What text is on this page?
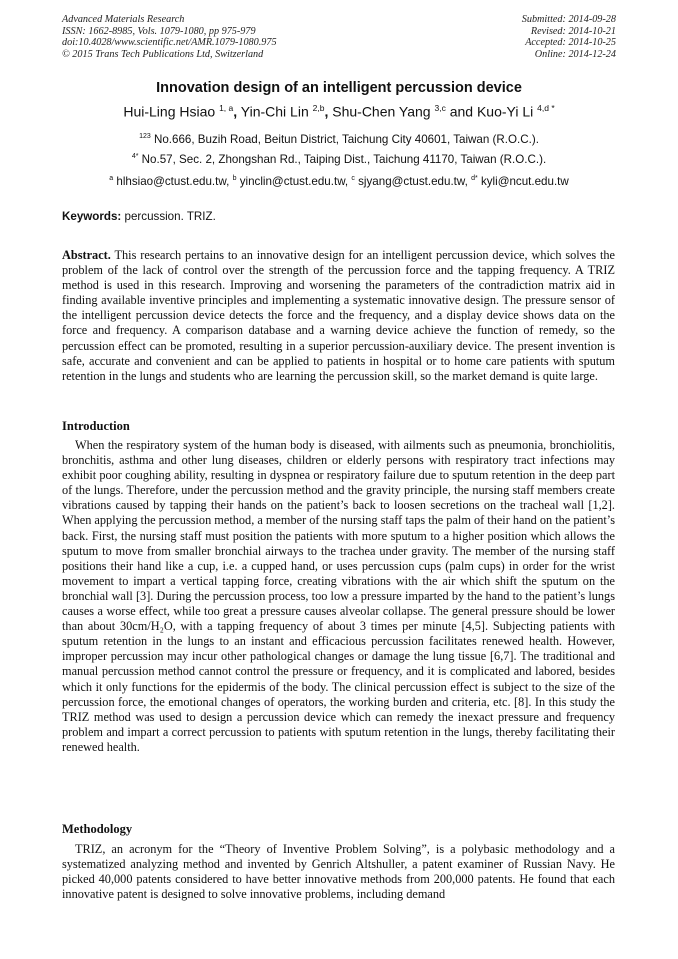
Advanced Materials Research
ISSN: 1662-8985, Vols. 1079-1080, pp 975-979
doi:10.4028/www.scientific.net/AMR.1079-1080.975
© 2015 Trans Tech Publications Ltd, Switzerland
Submitted: 2014-09-28
Revised: 2014-10-21
Accepted: 2014-10-25
Online: 2014-12-24
Innovation design of an intelligent percussion device
Hui-Ling Hsiao $^{1, a}$, Yin-Chi Lin $^{2,b}$, Shu-Chen Yang $^{3,c}$ and Kuo-Yi Li $^{4,d *}$
$^{123}$ No.666, Buzih Road, Beitun District, Taichung City 40601, Taiwan (R.O.C.).
$^{4*}$ No.57, Sec. 2, Zhongshan Rd., Taiping Dist., Taichung 41170, Taiwan (R.O.C.).
$^a$ hlhsiao@ctust.edu.tw, $^b$ yinclin@ctust.edu.tw, $^c$ sjyang@ctust.edu.tw, $^{d*}$ kyli@ncut.edu.tw
Keywords: percussion. TRIZ.
Abstract. This research pertains to an innovative design for an intelligent percussion device, which solves the problem of the lack of control over the strength of the percussion force and the tapping frequency. A TRIZ method is used in this research. Improving and worsening the parameters of the contradiction matrix aid in finding available inventive principles and implementing a systematic innovative design. The pressure sensor of the intelligent percussion device detects the force and the frequency, and a display device shows data on the force and frequency. A comparison database and a warning device achieve the function of remedy, so the percussion effect can be promoted, resulting in a superior percussion-auxiliary device. The present invention is safe, accurate and convenient and can be applied to patients in hospital or to home care patients with sputum retention in the lungs and students who are learning the percussion skill, so the market demand is quite large.
Introduction
When the respiratory system of the human body is diseased, with ailments such as pneumonia, bronchiolitis, bronchitis, asthma and other lung diseases, children or elderly persons with respiratory tract infections may exhibit poor coughing ability, resulting in dyspnea or respiratory failure due to sputum retention in the deep part of the lungs. Therefore, under the percussion method and the gravity principle, the nursing staff members create vibrations caused by tapping their hands on the patient’s back to loosen secretions on the tracheal wall [1,2]. When applying the percussion method, a member of the nursing staff taps the palm of their hand on the patient’s back. First, the nursing staff must position the patients with more sputum to a higher position which allows the sputum to move from smaller bronchial airways to the trachea under gravity. The member of the nursing staff positions their hand like a cup, i.e. a cupped hand, or uses percussion cups (palm cups) in order for the wrist movement to impart a vertical tapping force, creating vibrations with the air which shift the sputum on the bronchial wall [3]. During the percussion process, too low a pressure imparted by the hand to the patient’s lungs causes a worse effect, while too great a pressure causes alveolar collapse. The general pressure should be lower than about 30cm/H₂O, with a tapping frequency of about 3 times per minute [4,5]. Subjecting patients with sputum retention in the lungs to an instant and efficacious percussion facilitates renewed health. However, improper percussion may incur other pathological changes or damage the lung tissue [6,7]. The traditional and manual percussion method cannot control the pressure or frequency, and it is complicated and labored, besides which it only functions for the epidermis of the body. The clinical percussion effect is subject to the size of the percussion force, the emotional changes of operators, the working burden and criteria, etc. [8]. In this study the TRIZ method was used to design a percussion device which can remedy the inexact pressure and frequency problem and impart a correct percussion to patients with sputum retention in the lungs, thereby facilitating their renewed health.
Methodology
TRIZ, an acronym for the “Theory of Inventive Problem Solving”, is a polybasic methodology and a systematized analyzing method and invented by Genrich Altshuller, a patent examiner of Russian Navy. He picked 40,000 patents considered to have better innovative methods from 200,000 patents. He found that each innovative patent is designed to solve innovative problems, including demand
